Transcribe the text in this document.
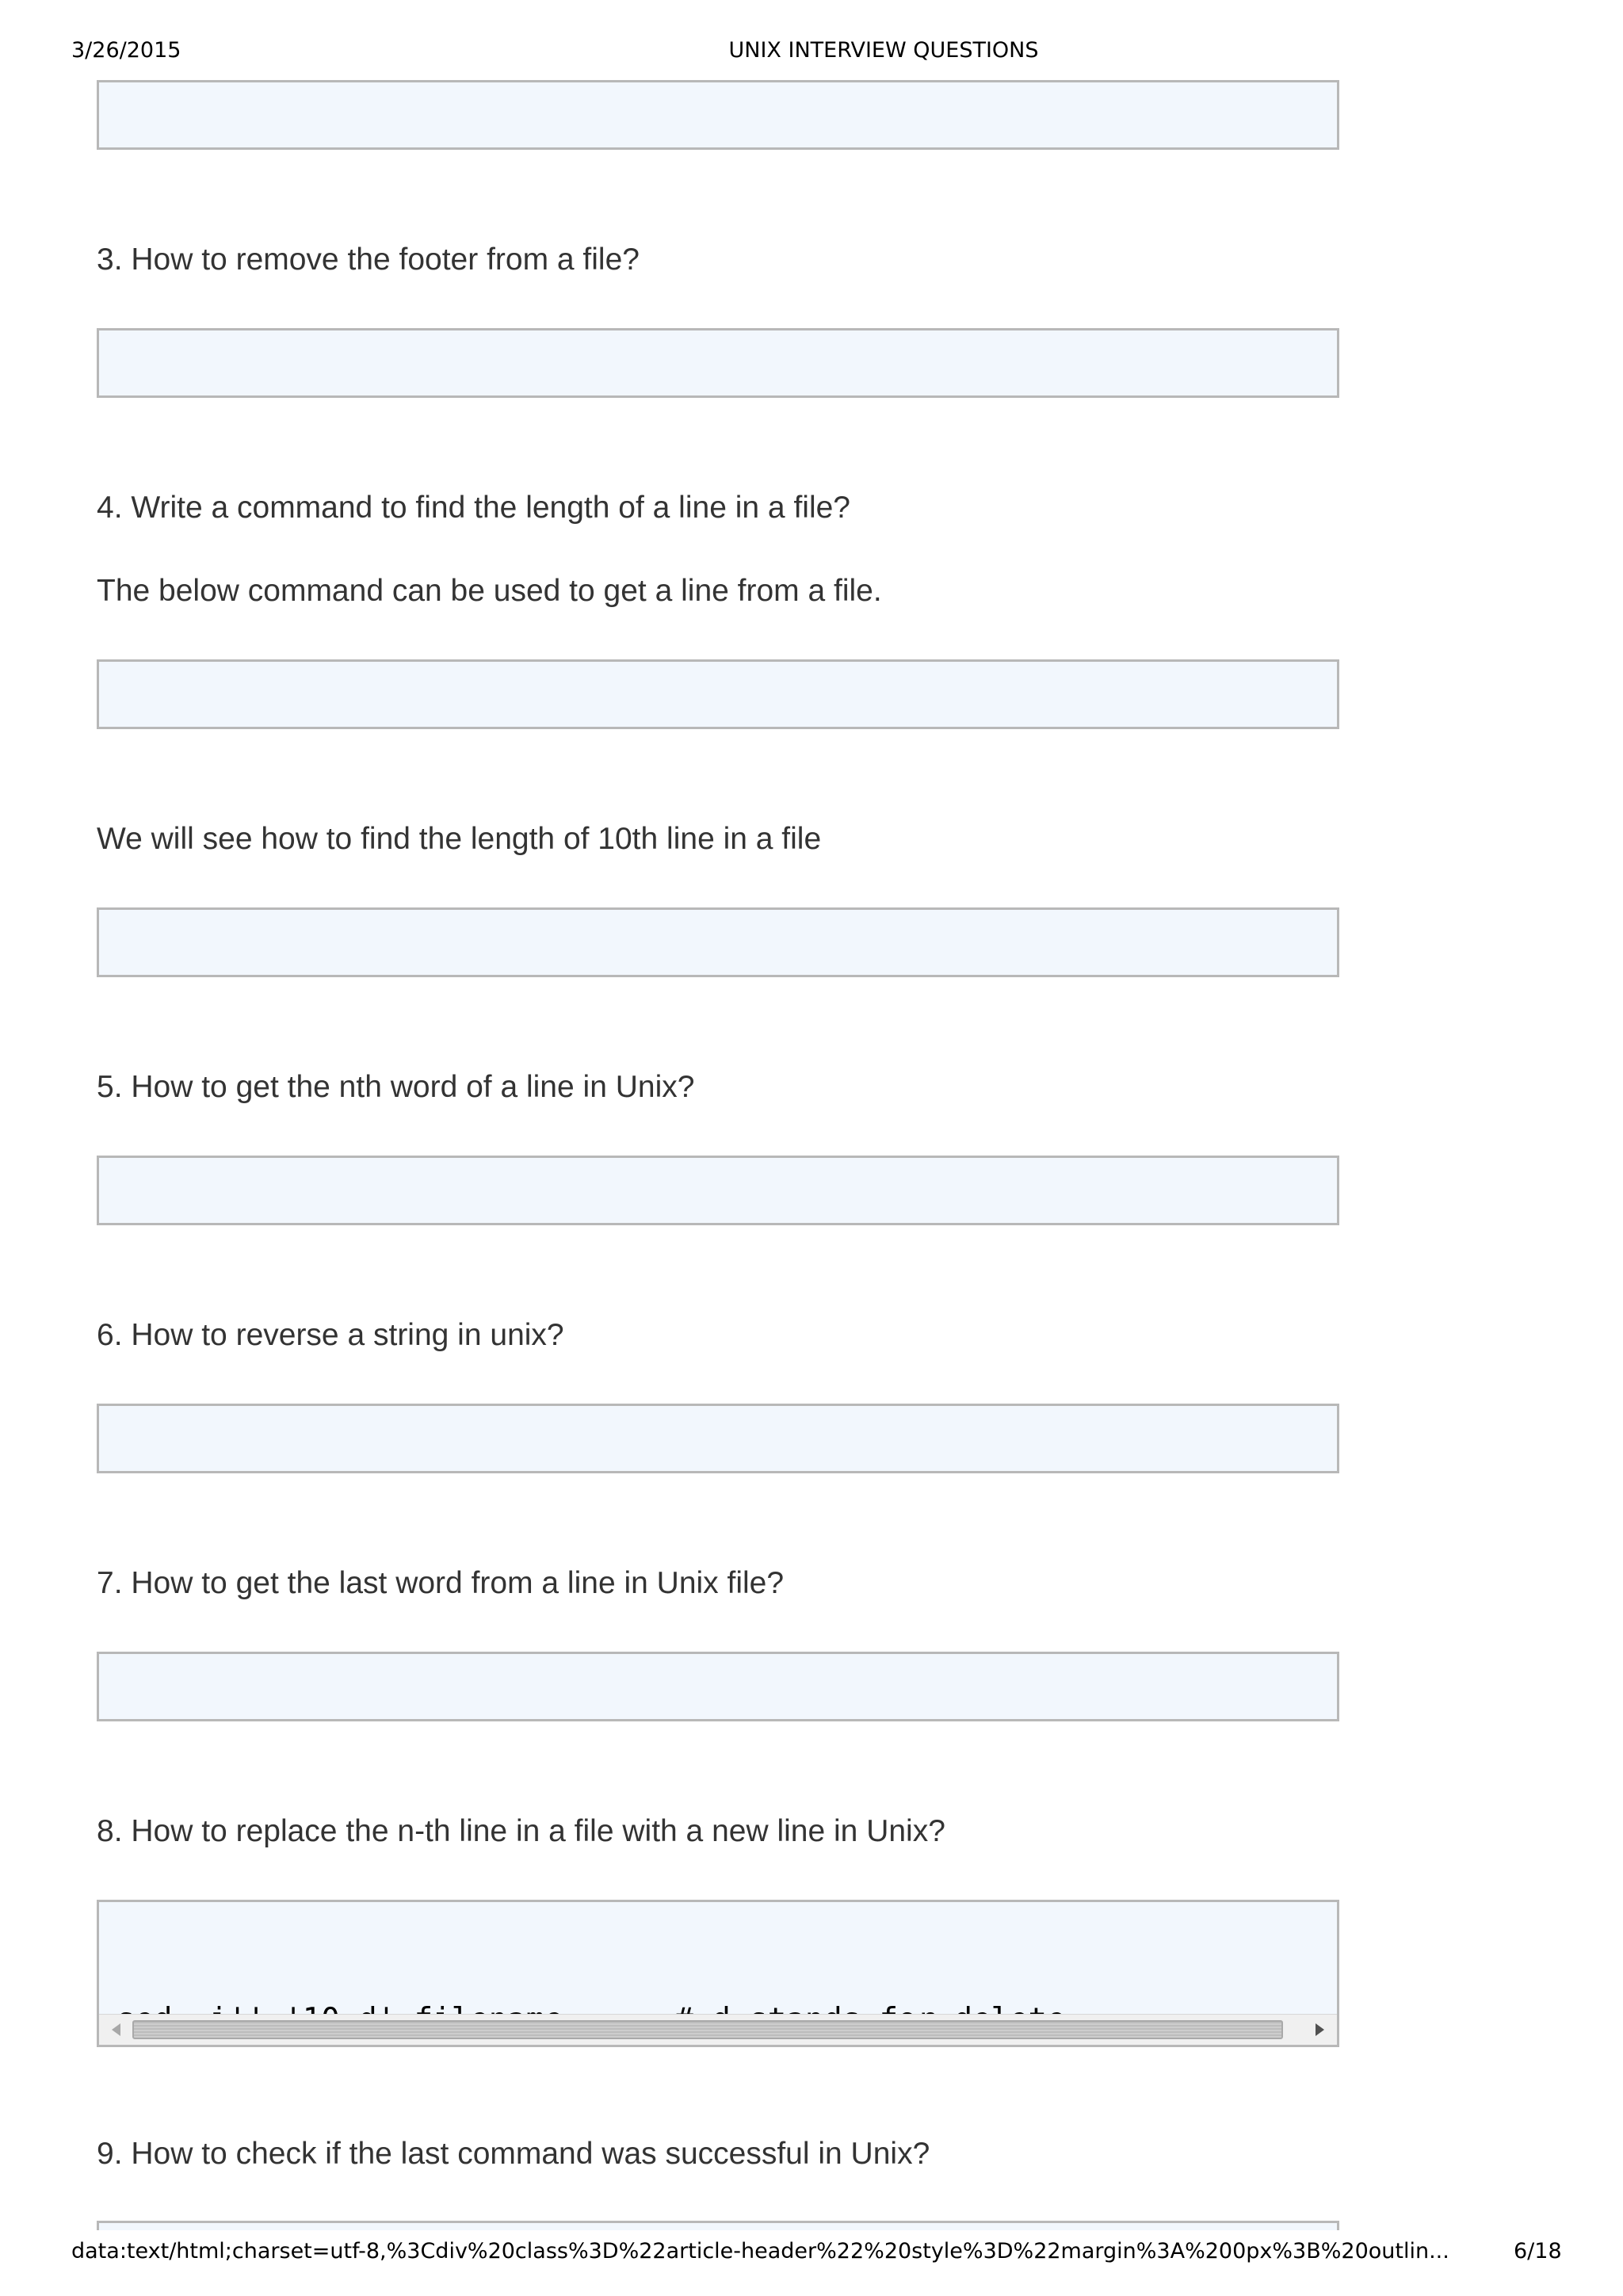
3/26/2015	UNIX INTERVIEW QUESTIONS

3. How to remove the footer from a file?

4. Write a command to find the length of a line in a file?
The below command can be used to get a line from a file.

We will see how to find the length of 10th line in a file

5. How to get the nth word of a line in Unix?

6. How to reverse a string in unix?

7. How to get the last word from a line in Unix file?

8. How to replace the n-th line in a file with a new line in Unix?

9. How to check if the last command was successful in Unix?
data:text/html;charset=utf-8,%3Cdiv%20class%3D%22article-header%22%20style%3D%22margin%3A%200px%3B%20outlin...	6/18
